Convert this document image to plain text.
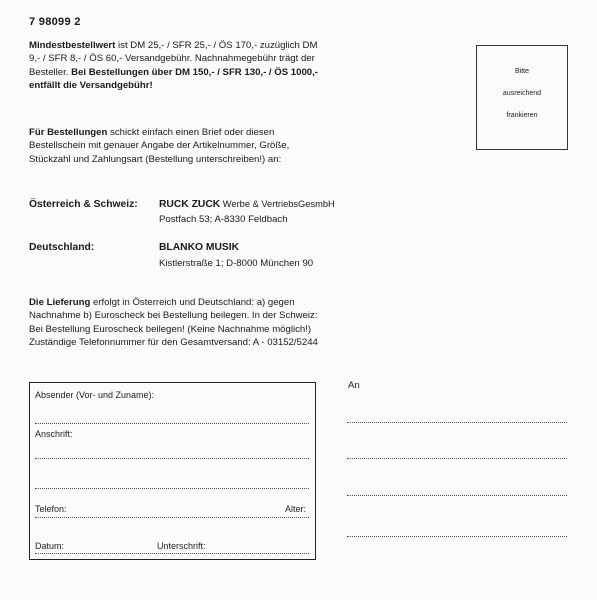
7 98099 2
Mindestbestellwert ist DM 25,- / SFR 25,- / ÖS 170,- zuzüglich DM 9,- / SFR 8,- / ÖS 60,- Versandgebühr. Nachnahmegebühr trägt der Besteller. Bei Bestellungen über DM 150,- / SFR 130,- / ÖS 1000,- entfällt die Versandgebühr!
Für Bestellungen schickt einfach einen Brief oder diesen Bestellschein mit genauer Angabe der Artikelnummer, Größe, Stückzahl und Zahlungsart (Bestellung unterschreiben!) an:
Österreich & Schweiz: RUCK ZUCK Werbe & VertriebsGesmbH
Postfach 53; A-8330 Feldbach
Deutschland:	BLANKO MUSIK
Kistlerstraße 1; D-8000 München 90
Die Lieferung erfolgt in Österreich und Deutschland: a) gegen Nachnahme b) Euroscheck bei Bestellung beilegen. In der Schweiz: Bei Bestellung Euroscheck beilegen! (Keine Nachnahme möglich!) Zuständige Telefonnummer für den Gesamtversand: A - 03152/5244
Bitte
ausreichend
frankieren
Absender (Vor- und Zuname):
Anschrift:
Telefon:	Alter:
Datum:	Unterschrift:
An
